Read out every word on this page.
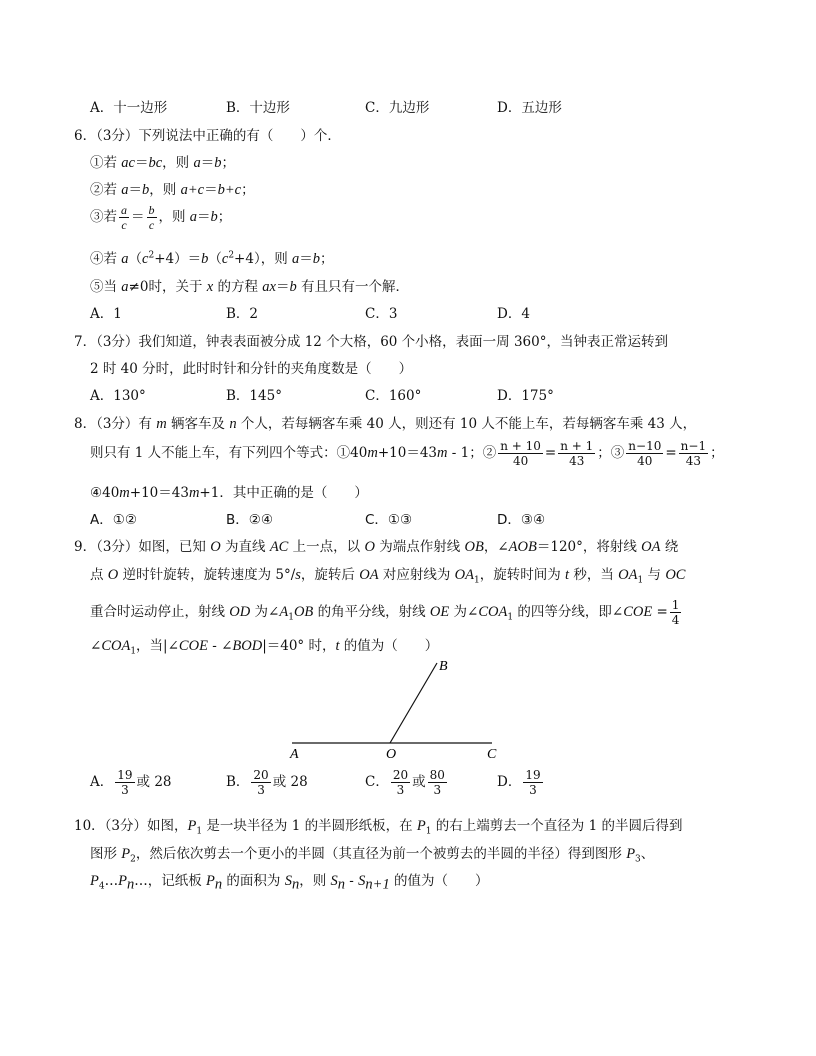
A．十一边形	B．十边形	C．九边形	D．五边形
6．（3分）下列说法中正确的有（　　）个．
①若 ac＝bc，则 a＝b；
②若 a＝b，则 a+c＝b+c；
③若 $\frac{a}{c} = \frac{b}{c}$ ，则 a＝b；
④若 $a(c^2+4)=b(c^2+4)$，则 a＝b；
⑤当 a≠0时，关于 x 的方程 ax＝b 有且只有一个解．
A．1	B．2	C．3	D．4
7．（3分）我们知道，钟表表面被分成 12 个大格，60 个小格，表面一周 360°，当钟表正常运转到
2 时 40 分时，此时时针和分针的夹角度数是（　　）
A．130°	B．145°	C．160°	D．175°
8．（3分）有 m 辆客车及 n 个人，若每辆客车乘 40 人，则还有 10 人不能上车，若每辆客车乘 43 人，
则只有 1 人不能上车，有下列四个等式：①40m+10＝43m - 1；② $\frac{n + 10}{40} = \frac{n + 1}{43}$ ；③ $\frac{n-10}{40} = \frac{n-1}{43}$ ；
④40m+10＝43m+1．其中正确的是（　　）
A．①②	B．②④	C．①③	D．③④
9．（3分）如图，已知 O 为直线 AC 上一点，以 O 为端点作射线 OB，∠AOB＝120°，将射线 OA 绕
点 O 逆时针旋转，旋转速度为 5°/s，旋转后 OA 对应射线为 $OA_1$，旋转时间为 t 秒，当 $OA_1$ 与 OC
重合时运动停止，射线 OD 为$\angle A_1OB$ 的角平分线，射线 OE 为$\angle COA_1$ 的四等分线，即∠COE = $\frac{1}{4}$
$\angle COA_1$，当|∠COE - ∠BOD|＝40° 时，t 的值为（　　）
A	O	C
B
A． $\frac{19}{3}$ 或 28	B． $\frac{20}{3}$ 或 28	C． $\frac{20}{3}$ 或 $\frac{80}{3}$	D． $\frac{19}{3}$
10．（3分）如图，$P_1$ 是一块半径为 1 的半圆形纸板，在 $P_1$ 的右上端剪去一个直径为 1 的半圆后得到
图形 $P_2$，然后依次剪去一个更小的半圆（其直径为前一个被剪去的半圆的半径）得到图形 $P_3$、
$P_4\dots P_n\dots$，记纸板 $P_n$ 的面积为 $S_n$，则 $S_n - S_{n+1}$ 的值为（　　）
